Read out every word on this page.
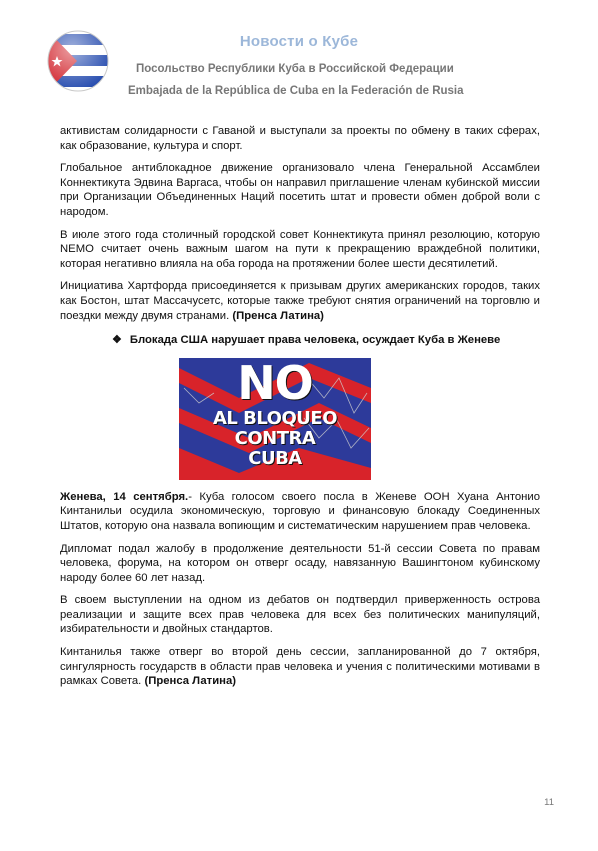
Новости о Кубе
Посольство Республики Куба в Российской Федерации
Embajada de la República de Cuba en la Federación de Rusia

активистам солидарности с Гаваной и выступали за проекты по обмену в таких сферах, как образование, культура и спорт.

Глобальное антиблокадное движение организовало члена Генеральной Ассамблеи Коннектикута Эдвина Варгаса, чтобы он направил приглашение членам кубинской миссии при Организации Объединенных Наций посетить штат и провести обмен доброй воли с народом.

В июле этого года столичный городской совет Коннектикута принял резолюцию, которую NEMO считает очень важным шагом на пути к прекращению враждебной политики, которая негативно влияла на оба города на протяжении более шести десятилетий.

Инициатива Хартфорда присоединяется к призывам других американских городов, таких как Бостон, штат Массачусетс, которые также требуют снятия ограничений на торговлю и поездки между двумя странами. (Пренса Латина)

❖ Блокада США нарушает права человека, осуждает Куба в Женеве
NO
AL BLOQUEO
CONTRA
CUBA

Женева, 14 сентября.- Куба голосом своего посла в Женеве ООН Хуана Антонио Кинтанильи осудила экономическую, торговую и финансовую блокаду Соединенных Штатов, которую она назвала вопиющим и систематическим нарушением прав человека.

Дипломат подал жалобу в продолжение деятельности 51-й сессии Совета по правам человека, форума, на котором он отверг осаду, навязанную Вашингтоном кубинскому народу более 60 лет назад.

В своем выступлении на одном из дебатов он подтвердил приверженность острова реализации и защите всех прав человека для всех без политических манипуляций, избирательности и двойных стандартов.

Кинтанилья также отверг во второй день сессии, запланированной до 7 октября, сингулярность государств в области прав человека и учения с политическими мотивами в рамках Совета. (Пренса Латина)

11
